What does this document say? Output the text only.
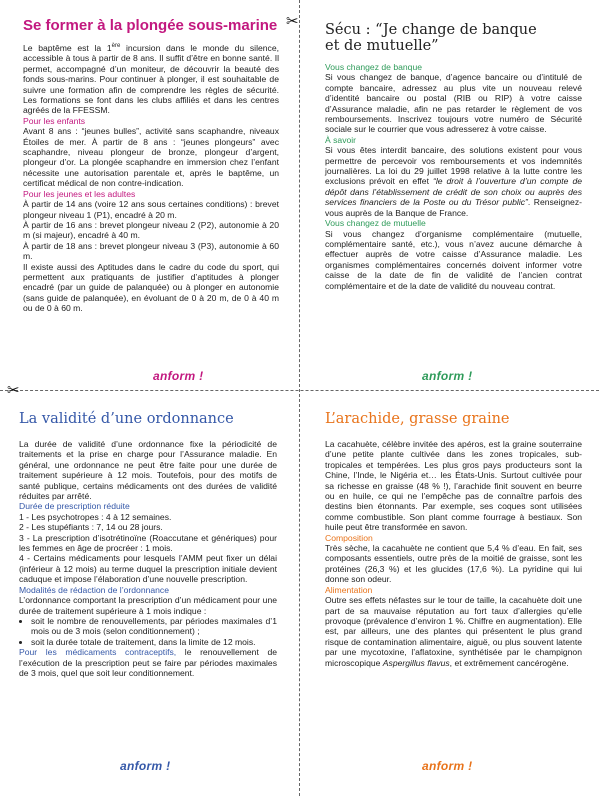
✂
✂
Se former à la plongée sous-marine

Le baptême est la 1ère incursion dans le monde du silence, accessible à tous à partir de 8 ans. Il suffit d’être en bonne santé. Il permet, accompagné d’un moniteur, de découvrir la beauté des fonds sous-marins. Pour continuer à plonger, il est souhaitable de suivre une formation afin de comprendre les règles de sécurité. Les formations se font dans les clubs affiliés et dans les centres agréés de la FFESSM.

Pour les enfants

Avant 8 ans : “jeunes bulles”, activité sans scaphandre, niveaux Étoiles de mer. À partir de 8 ans : “jeunes plongeurs” avec scaphandre, niveau plongeur de bronze, plongeur d’argent, plongeur d’or. La plongée scaphandre en immersion chez l’enfant nécessite une autorisation parentale et, après le baptême, un certificat médical de non contre-indication.

Pour les jeunes et les adultes

À partir de 14 ans (voire 12 ans sous certaines conditions) : brevet plongeur niveau 1 (P1), encadré à 20 m.

À partir de 16 ans : brevet plongeur niveau 2 (P2), autonomie à 20 m (si majeur), encadré à 40 m.

À partir de 18 ans : brevet plongeur niveau 3 (P3), autonomie à 60 m.

Il existe aussi des Aptitudes dans le cadre du code du sport, qui permettent aux pratiquants de justifier d’aptitudes à plonger encadré (par un guide de palanquée) ou à plonger en autonomie (sans guide de palanquée), en évoluant de 0 à 20 m, de 0 à 40 m ou de 0 à 60 m.

anform !
Sécu : “Je change de banque
et de mutuelle”

Vous changez de banque

Si vous changez de banque, d’agence bancaire ou d’intitulé de compte bancaire, adressez au plus vite un nouveau relevé d’identité bancaire ou postal (RIB ou RIP) à votre caisse d’Assurance maladie, afin ne pas retarder le règlement de vos remboursements. Inscrivez toujours votre numéro de Sécurité sociale sur le courrier que vous adresserez à votre caisse.

À savoir

Si vous êtes interdit bancaire, des solutions existent pour vous permettre de percevoir vos remboursements et vos indemnités journalières. La loi du 29 juillet 1998 relative à la lutte contre les exclusions prévoit en effet “le droit à l’ouverture d’un compte de dépôt dans l’établissement de crédit de son choix ou auprès des services financiers de la Poste ou du Trésor public”. Renseignez-vous auprès de la Banque de France.

Vous changez de mutuelle

Si vous changez d’organisme complémentaire (mutuelle, complémentaire santé, etc.), vous n’avez aucune démarche à effectuer auprès de votre caisse d’Assurance maladie. Les organismes complémentaires concernés doivent informer votre caisse de la date de fin de validité de l’ancien contrat complémentaire et de la date de validité du nouveau contrat.

anform !
La validité d’une ordonnance

La durée de validité d’une ordonnance fixe la périodicité de traitements et la prise en charge pour l’Assurance maladie. En général, une ordonnance ne peut être faite pour une durée de traitement supérieure à 12 mois. Toutefois, pour des motifs de santé publique, certains médicaments ont des durées de validité réduites par arrêté.

Durée de prescription réduite

1 - Les psychotropes : 4 à 12 semaines.

2 - Les stupéfiants : 7, 14 ou 28 jours.

3 - La prescription d’isotrétinoïne (Roaccutane et génériques) pour les femmes en âge de procréer : 1 mois.

4 - Certains médicaments pour lesquels l’AMM peut fixer un délai (inférieur à 12 mois) au terme duquel la prescription initiale devient caduque et impose l’élaboration d’une nouvelle prescription.

Modalités de rédaction de l’ordonnance

L’ordonnance comportant la prescription d’un médicament pour une durée de traitement supérieure à 1 mois indique :

• soit le nombre de renouvellements, par périodes maximales d’1 mois ou de 3 mois (selon conditionnement) ;
• soit la durée totale de traitement, dans la limite de 12 mois.

Pour les médicaments contraceptifs, le renouvellement de l’exécution de la prescription peut se faire par périodes maximales de 3 mois, quel que soit leur conditionnement.

anform !
L’arachide, grasse graine

La cacahuète, célèbre invitée des apéros, est la graine souterraine d’une petite plante cultivée dans les zones tropicales, sub-tropicales et tempérées. Les plus gros pays producteurs sont la Chine, l’Inde, le Nigéria et… les États-Unis. Surtout cultivée pour sa richesse en graisse (48 % !), l’arachide finit souvent en beurre ou en huile, ce qui ne l’empêche pas de connaître parfois des destins bien étonnants. Par exemple, ses coques sont utilisées comme combustible. Son plant comme fourrage à bestiaux. Son huile peut être transformée en savon.

Composition

Très sèche, la cacahuète ne contient que 5,4 % d’eau. En fait, ses composants essentiels, outre près de la moitié de graisse, sont les protéines (26,3 %) et les glucides (17,6 %). La pyridine qui lui donne son odeur.

Alimentation

Outre ses effets néfastes sur le tour de taille, la cacahuète doit une part de sa mauvaise réputation au fort taux d’allergies qu’elle provoque (prévalence d’environ 1 %. Chiffre en augmentation). Elle est, par ailleurs, une des plantes qui présentent le plus grand risque de contamination alimentaire, aiguë, ou plus souvent latente par une mycotoxine, l’aflatoxine, synthétisée par le champignon microscopique Aspergillus flavus, et extrêmement cancérogène.

anform !
